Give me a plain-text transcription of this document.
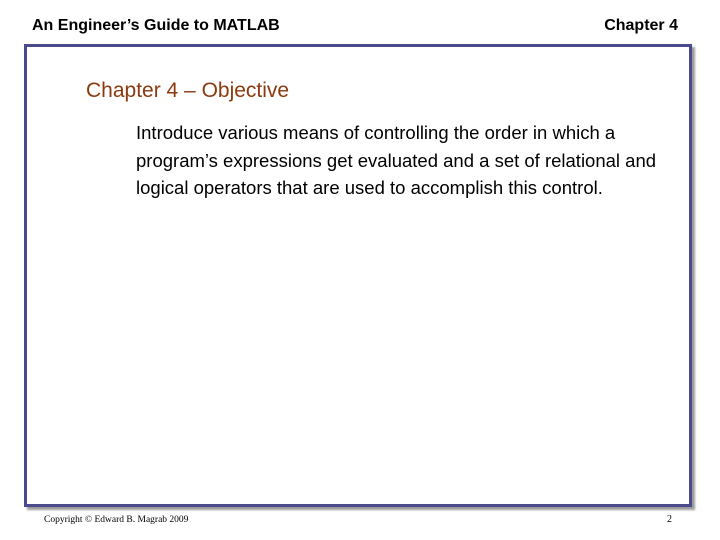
An Engineer’s Guide to MATLAB	Chapter 4
Chapter 4 – Objective
Introduce various means of controlling the order in which a program’s expressions get evaluated and a set of relational and logical operators that are used to accomplish this control.
Copyright © Edward B. Magrab 2009	2
